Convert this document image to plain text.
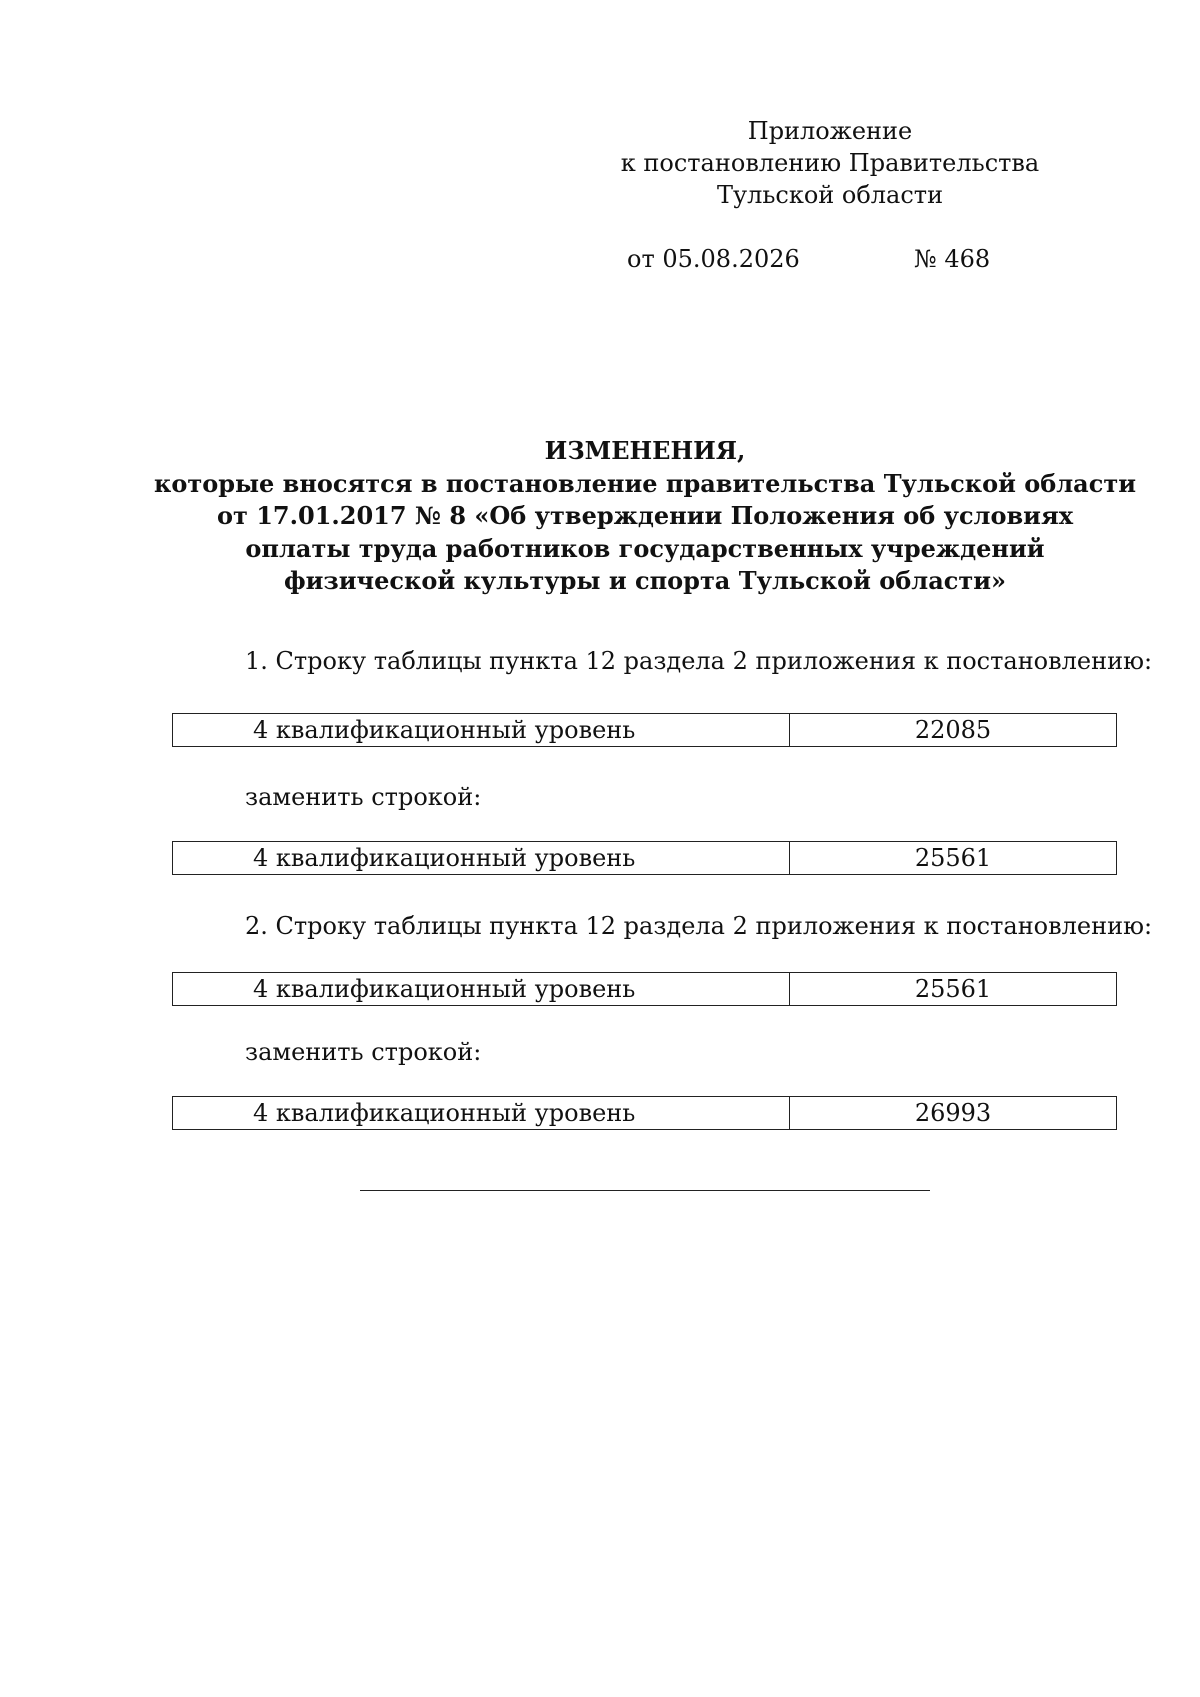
Приложение
к постановлению Правительства
Тульской области
от 05.08.2026	№ 468
ИЗМЕНЕНИЯ,
которые вносятся в постановление правительства Тульской области
от 17.01.2017 № 8 «Об утверждении Положения об условиях
оплаты труда работников государственных учреждений
физической культуры и спорта Тульской области»
1. Строку таблицы пункта 12 раздела 2 приложения к постановлению:
4 квалификационный уровень	22085
заменить строкой:
4 квалификационный уровень	25561
2. Строку таблицы пункта 12 раздела 2 приложения к постановлению:
4 квалификационный уровень	25561
заменить строкой:
4 квалификационный уровень	26993
